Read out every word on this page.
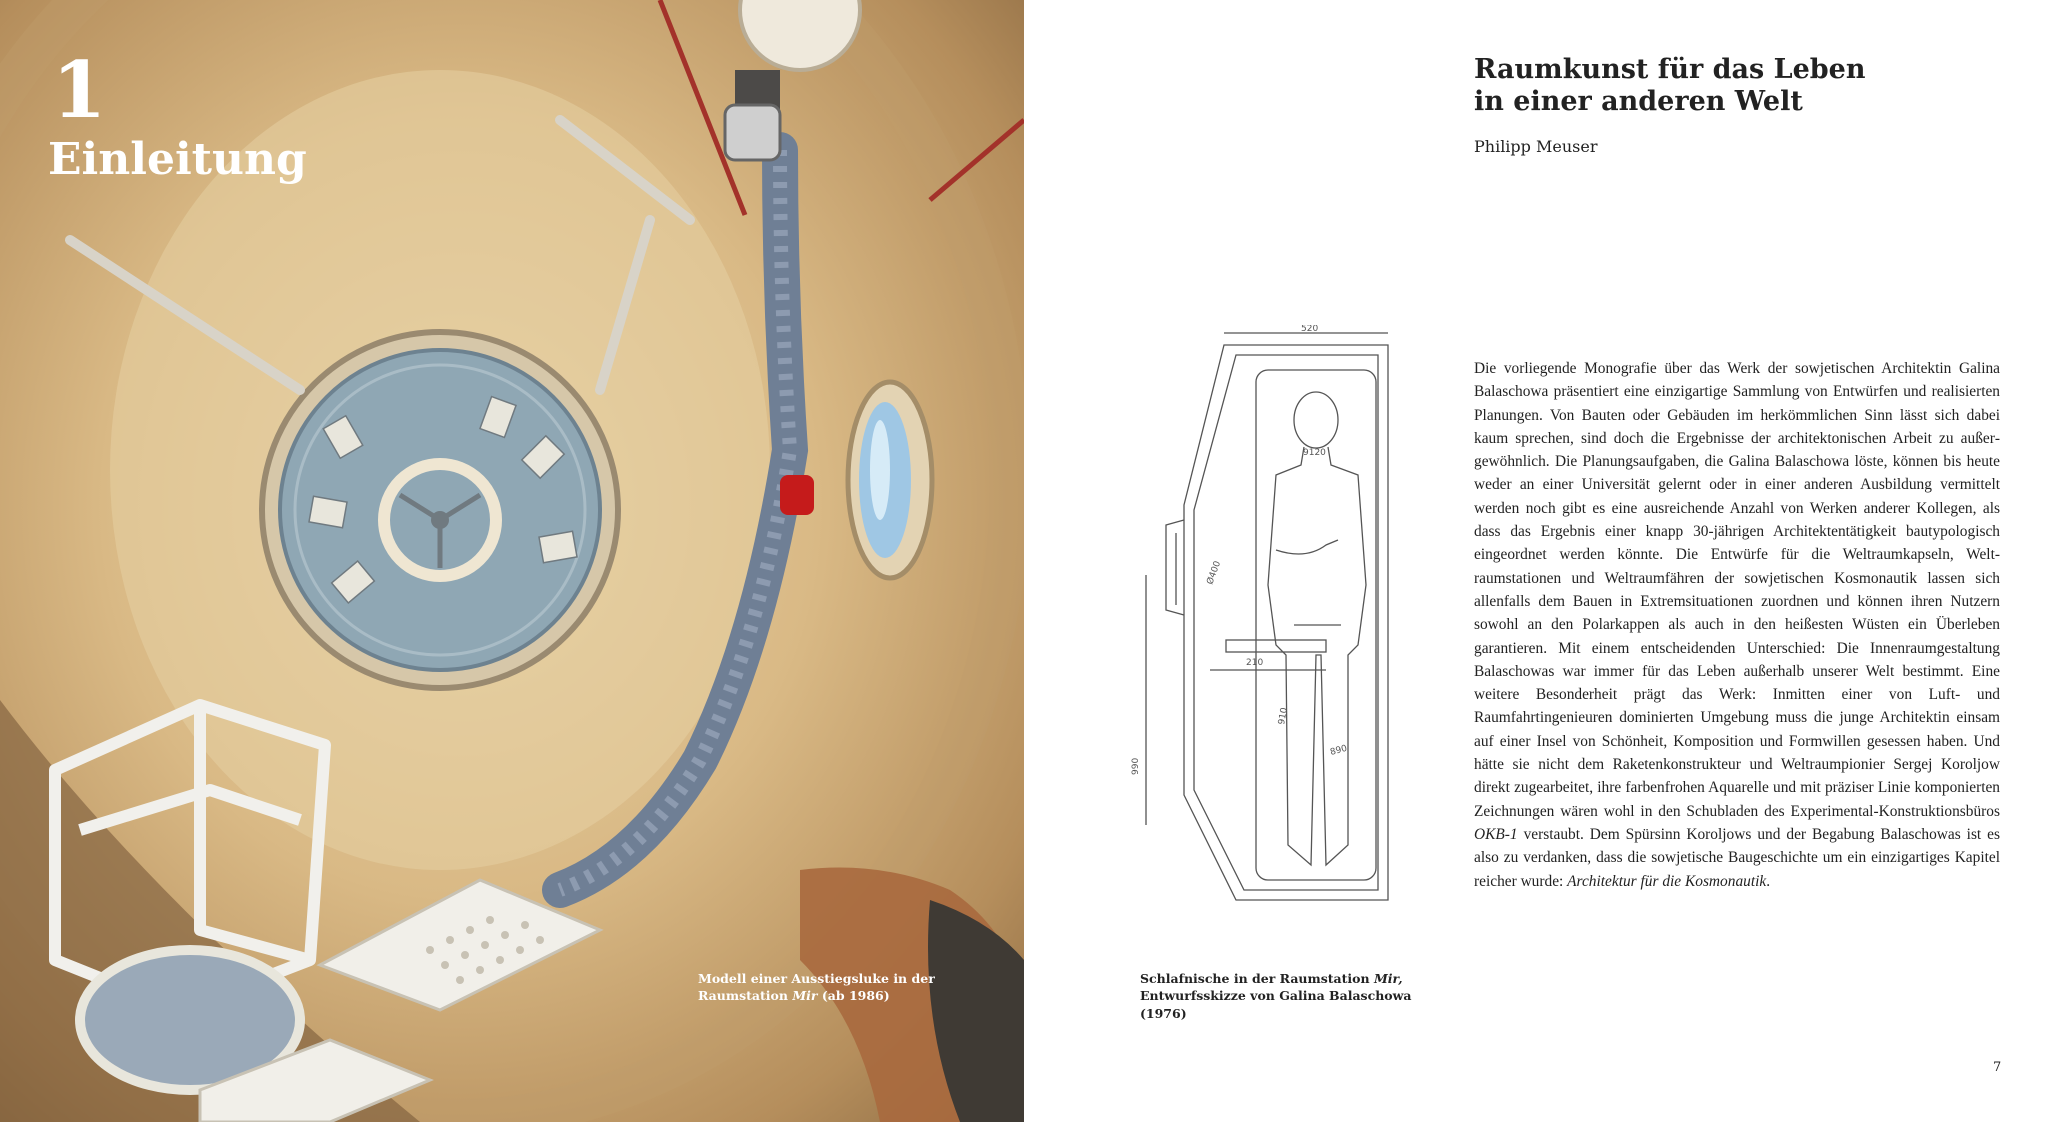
1
Einleitung
Modell einer Ausstiegsluke in der Raumstation Mir (ab 1986)
Raumkunst für das Leben
in einer anderen Welt
Philipp Meuser
520
9120
Ø400
210
910
990
890
Schlafnische in der Raumstation Mir,
Entwurfsskizze von Galina Balaschowa (1976)

Die vorliegende Monografie über das Werk der sowjetischen Architektin Galina Balaschowa präsentiert eine einzigartige Sammlung von Entwürfen und realisierten Planungen. Von Bauten oder Gebäuden im herkömmlichen Sinn lässt sich dabei kaum sprechen, sind doch die Ergebnisse der architektonischen Arbeit zu außergewöhnlich. Die Planungsaufgaben, die Galina Balaschowa löste, können bis heute weder an einer Universität gelernt oder in einer anderen Ausbildung vermittelt werden noch gibt es eine ausreichende Anzahl von Werken anderer Kollegen, als dass das Ergebnis einer knapp 30-jährigen Architektentätigkeit bautypologisch eingeordnet werden könnte. Die Entwürfe für die Weltraumkapseln, Weltraumstationen und Weltraumfähren der sowjetischen Kosmonautik lassen sich allenfalls dem Bauen in Extremsituationen zuordnen und können ihren Nutzern sowohl an den Polarkappen als auch in den heißesten Wüsten ein Überleben garantieren. Mit einem entscheidenden Unterschied: Die Innenraumgestaltung Balaschowas war immer für das Leben außerhalb unserer Welt bestimmt. Eine weitere Besonderheit prägt das Werk: Inmitten einer von Luft- und Raumfahrtingenieuren dominierten Umgebung muss die junge Architektin einsam auf einer Insel von Schönheit, Komposition und Formwillen gesessen haben. Und hätte sie nicht dem Raketenkonstrukteur und Weltraumpionier Sergej Koroljow direkt zugearbeitet, ihre farbenfrohen Aquarelle und mit präziser Linie komponierten Zeichnungen wären wohl in den Schubladen des Experimental-Konstruktionsbüros OKB-1 verstaubt. Dem Spürsinn Koroljows und der Begabung Balaschowas ist es also zu verdanken, dass die sowjetische Baugeschichte um ein einzigartiges Kapitel reicher wurde: Architektur für die Kosmonautik.

7
